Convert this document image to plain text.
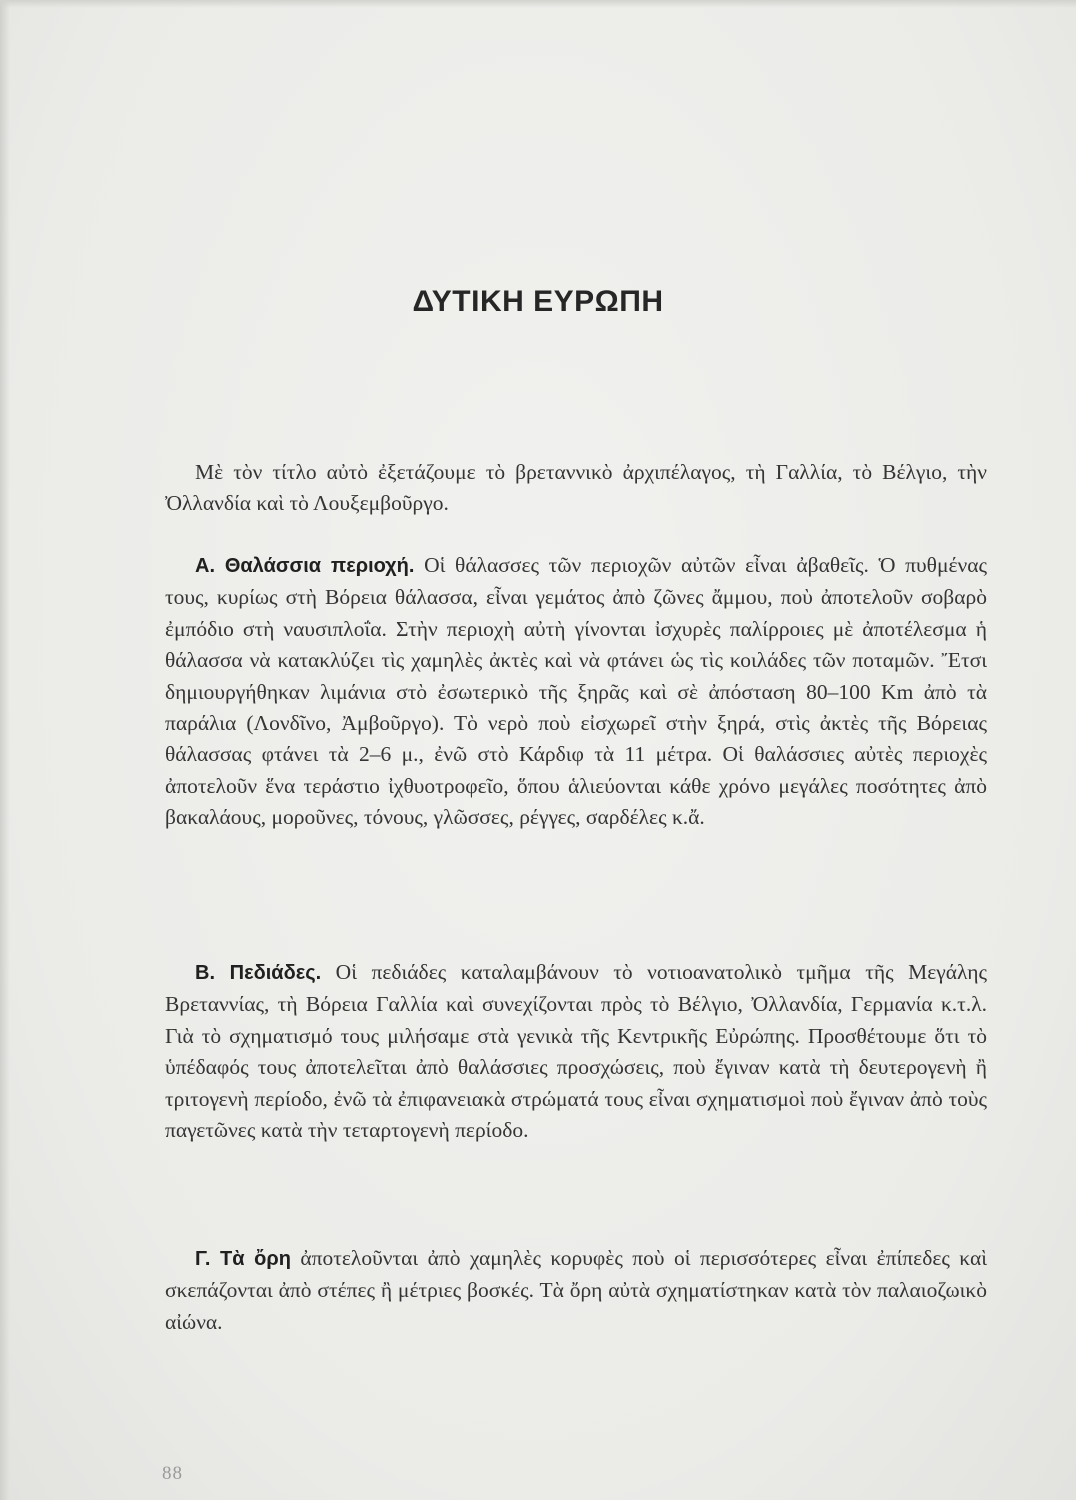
ΔΥΤΙΚΗ ΕΥΡΩΠΗ
Μὲ τὸν τίτλο αὐτὸ ἐξετάζουμε τὸ βρεταννικὸ ἀρχιπέλαγος, τὴ Γαλλία, τὸ Βέλγιο, τὴν Ὀλλανδία καὶ τὸ Λουξεμβοῦργο.

Α. Θαλάσσια περιοχή. Οἱ θάλασσες τῶν περιοχῶν αὐτῶν εἶναι ἀβαθεῖς. Ὁ πυθμένας τους, κυρίως στὴ Βόρεια θάλασσα, εἶναι γεμάτος ἀπὸ ζῶνες ἄμμου, ποὺ ἀποτελοῦν σοβαρὸ ἐμπόδιο στὴ ναυσιπλοΐα. Στὴν περιοχὴ αὐτὴ γίνονται ἰσχυρὲς παλίρροιες μὲ ἀποτέλεσμα ἡ θάλασσα νὰ κατακλύζει τὶς χαμηλὲς ἀκτὲς καὶ νὰ φτάνει ὡς τὶς κοιλάδες τῶν ποταμῶν. Ἔτσι δημιουργήθηκαν λιμάνια στὸ ἐσωτερικὸ τῆς ξηρᾶς καὶ σὲ ἀπόσταση 80–100 Km ἀπὸ τὰ παράλια (Λονδῖνο, Ἀμβοῦργο). Τὸ νερὸ ποὺ εἰσχωρεῖ στὴν ξηρά, στὶς ἀκτὲς τῆς Βόρειας θάλασσας φτάνει τὰ 2–6 μ., ἐνῶ στὸ Κάρδιφ τὰ 11 μέτρα. Οἱ θαλάσσιες αὐτὲς περιοχὲς ἀποτελοῦν ἕνα τεράστιο ἰχθυοτροφεῖο, ὅπου ἁλιεύονται κάθε χρόνο μεγάλες ποσότητες ἀπὸ βακαλάους, μοροῦνες, τόνους, γλῶσσες, ρέγγες, σαρδέλες κ.ἄ.

Β. Πεδιάδες. Οἱ πεδιάδες καταλαμβάνουν τὸ νοτιοανατολικὸ τμῆμα τῆς Μεγάλης Βρεταννίας, τὴ Βόρεια Γαλλία καὶ συνεχίζονται πρὸς τὸ Βέλγιο, Ὀλλανδία, Γερμανία κ.τ.λ. Γιὰ τὸ σχηματισμό τους μιλήσαμε στὰ γενικὰ τῆς Κεντρικῆς Εὐρώπης. Προσθέτουμε ὅτι τὸ ὑπέδαφός τους ἀποτελεῖται ἀπὸ θαλάσσιες προσχώσεις, ποὺ ἔγιναν κατὰ τὴ δευτερογενὴ ἢ τριτογενὴ περίοδο, ἐνῶ τὰ ἐπιφανειακὰ στρώματά τους εἶναι σχηματισμοὶ ποὺ ἔγιναν ἀπὸ τοὺς παγετῶνες κατὰ τὴν τεταρτογενὴ περίοδο.

Γ. Τὰ ὄρη ἀποτελοῦνται ἀπὸ χαμηλὲς κορυφὲς ποὺ οἱ περισσότερες εἶναι ἐπίπεδες καὶ σκεπάζονται ἀπὸ στέπες ἢ μέτριες βοσκές. Τὰ ὄρη αὐτὰ σχηματίστηκαν κατὰ τὸν παλαιοζωικὸ αἰώνα.

88
